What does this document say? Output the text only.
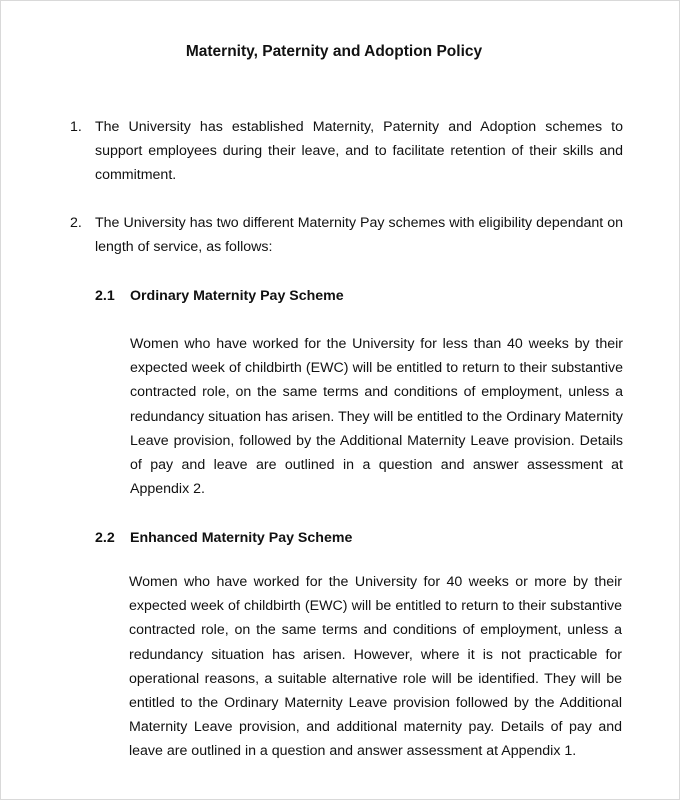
Maternity, Paternity and Adoption Policy
1. The University has established Maternity, Paternity and Adoption schemes to support employees during their leave, and to facilitate retention of their skills and commitment.
2. The University has two different Maternity Pay schemes with eligibility dependant on length of service, as follows:
2.1 Ordinary Maternity Pay Scheme
Women who have worked for the University for less than 40 weeks by their expected week of childbirth (EWC) will be entitled to return to their substantive contracted role, on the same terms and conditions of employment, unless a redundancy situation has arisen. They will be entitled to the Ordinary Maternity Leave provision, followed by the Additional Maternity Leave provision. Details of pay and leave are outlined in a question and answer assessment at Appendix 2.
2.2 Enhanced Maternity Pay Scheme
Women who have worked for the University for 40 weeks or more by their expected week of childbirth (EWC) will be entitled to return to their substantive contracted role, on the same terms and conditions of employment, unless a redundancy situation has arisen. However, where it is not practicable for operational reasons, a suitable alternative role will be identified. They will be entitled to the Ordinary Maternity Leave provision followed by the Additional Maternity Leave provision, and additional maternity pay. Details of pay and leave are outlined in a question and answer assessment at Appendix 1.
